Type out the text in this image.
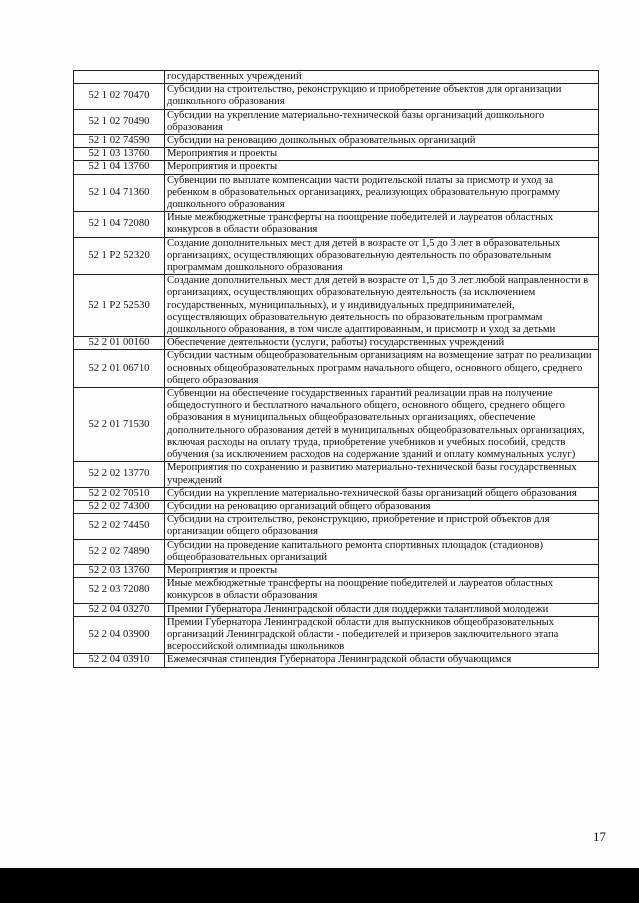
	государственных учреждений
52 1 02 70470	Субсидии на строительство, реконструкцию и приобретение объектов для организации дошкольного образования
52 1 02 70490	Субсидии на укрепление материально-технической базы организаций дошкольного образования
52 1 02 74590	Субсидии на реновацию дошкольных образовательных организаций
52 1 03 13760	Мероприятия и проекты
52 1 04 13760	Мероприятия и проекты
52 1 04 71360	Субвенции по выплате компенсации части родительской платы за присмотр и уход за ребенком в образовательных организациях, реализующих образовательную программу дошкольного образования
52 1 04 72080	Иные межбюджетные трансферты на поощрение победителей и лауреатов областных конкурсов в области образования
52 1 P2 52320	Создание дополнительных мест для детей в возрасте от 1,5 до 3 лет в образовательных организациях, осуществляющих образовательную деятельность по образовательным программам дошкольного образования
52 1 P2 52530	Создание дополнительных мест для детей в возрасте от 1,5 до 3 лет любой направленности в организациях, осуществляющих образовательную деятельность (за исключением государственных, муниципальных), и у индивидуальных предпринимателей, осуществляющих образовательную деятельность по образовательным программам дошкольного образования, в том числе адаптированным, и присмотр и уход за детьми
52 2 01 00160	Обеспечение деятельности (услуги, работы) государственных учреждений
52 2 01 06710	Субсидии частным общеобразовательным организациям на возмещение затрат по реализации основных общеобразовательных программ начального общего, основного общего, среднего общего образования
52 2 01 71530	Субвенции на обеспечение государственных гарантий реализации прав на получение общедоступного и бесплатного начального общего, основного общего, среднего общего образования в муниципальных общеобразовательных организациях, обеспечение дополнительного образования детей в муниципальных общеобразовательных организациях, включая расходы на оплату труда, приобретение учебников и учебных пособий, средств обучения (за исключением расходов на содержание зданий и оплату коммунальных услуг)
52 2 02 13770	Мероприятия по сохранению и развитию материально-технической базы государственных учреждений
52 2 02 70510	Субсидии на укрепление материально-технической базы организаций общего образования
52 2 02 74300	Субсидии на реновацию организаций общего образования
52 2 02 74450	Субсидии на строительство, реконструкцию, приобретение и пристрой объектов для организации общего образования
52 2 02 74890	Субсидии на проведение капитального ремонта спортивных площадок (стадионов) общеобразовательных организаций
52 2 03 13760	Мероприятия и проекты
52 2 03 72080	Иные межбюджетные трансферты на поощрение победителей и лауреатов областных конкурсов в области образования
52 2 04 03270	Премии Губернатора Ленинградской области для поддержки талантливой молодежи
52 2 04 03900	Премии Губернатора Ленинградской области для выпускников общеобразовательных организаций Ленинградской области - победителей и призеров заключительного этапа всероссийской олимпиады школьников
52 2 04 03910	Ежемесячная стипендия Губернатора Ленинградской области обучающимся
17
